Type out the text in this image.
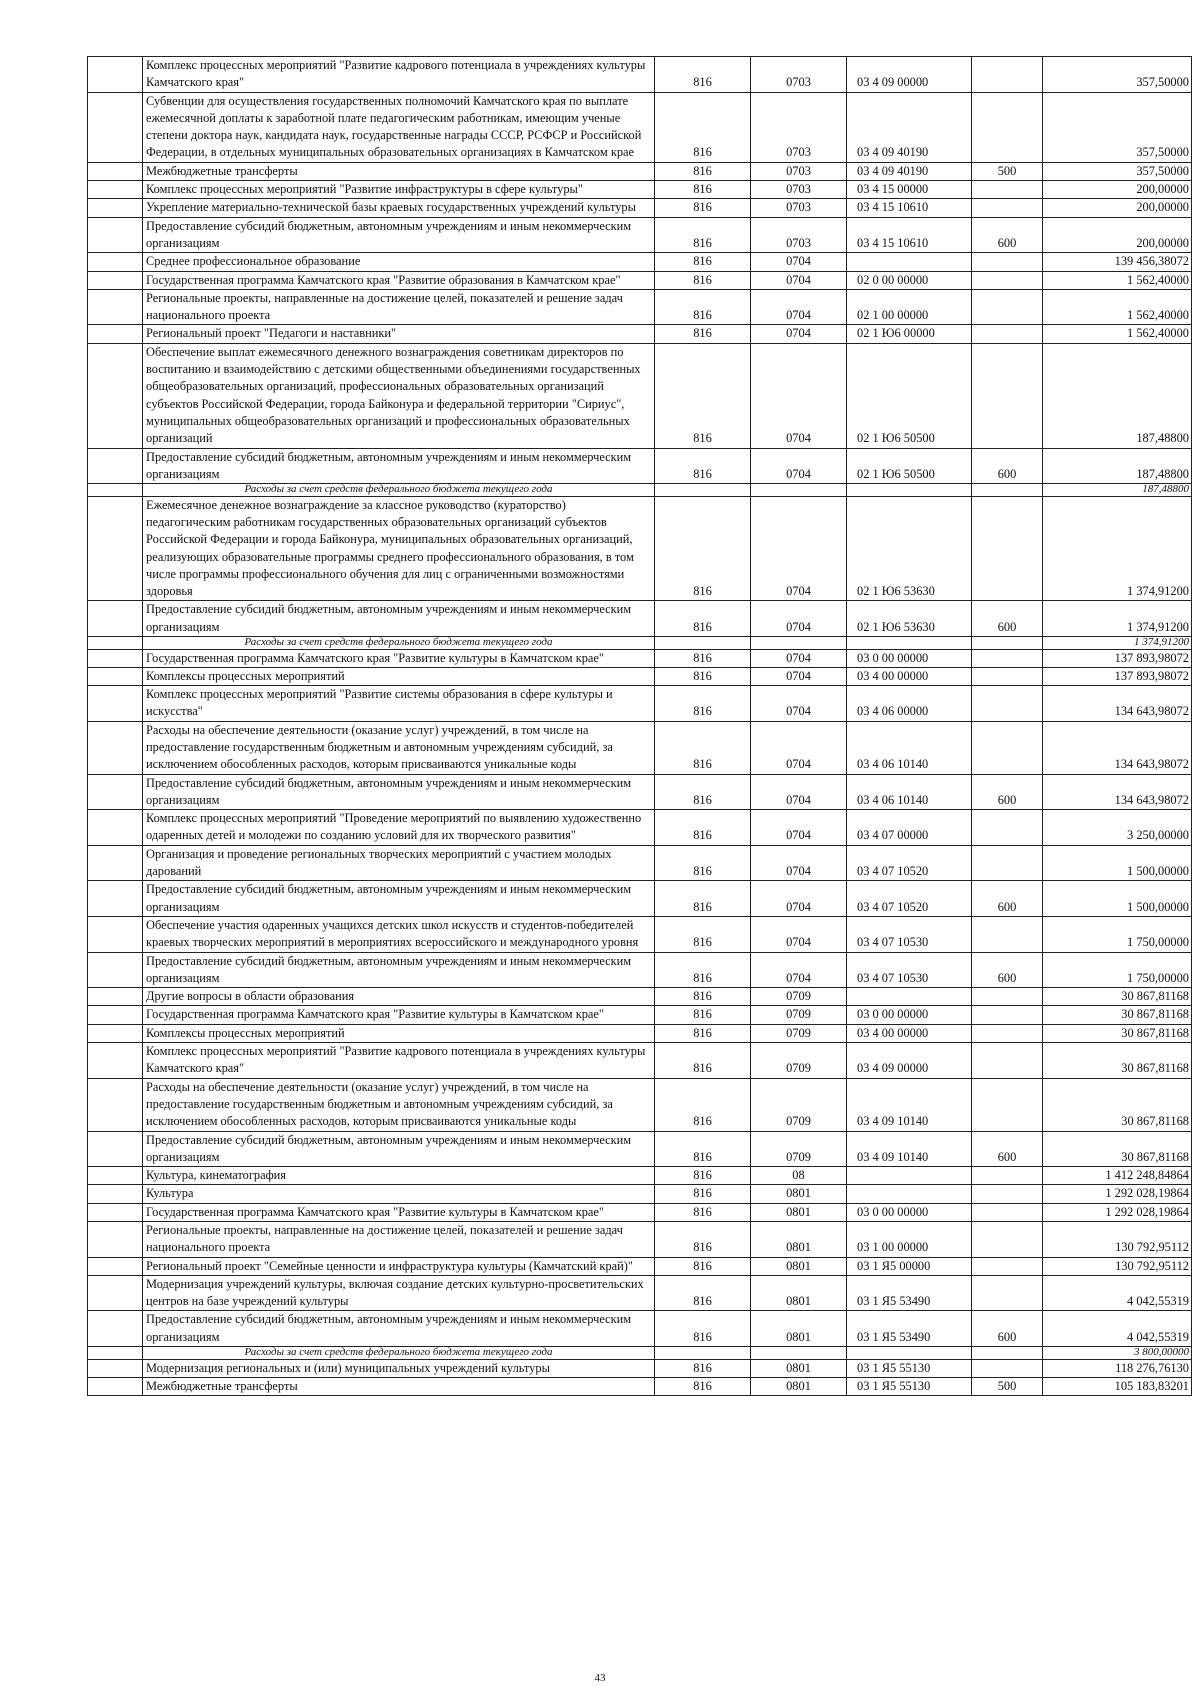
	Комплекс процессных мероприятий "Развитие кадрового потенциала в учреждениях культуры Камчатского края"	816	0703	03 4 09 00000		357,50000
	Субвенции для осуществления государственных полномочий Камчатского края по выплате ежемесячной доплаты к заработной плате педагогическим работникам, имеющим ученые степени доктора наук, кандидата наук, государственные награды СССР, РСФСР и Российской Федерации, в отдельных муниципальных образовательных организациях в Камчатском крае	816	0703	03 4 09 40190		357,50000
	Межбюджетные трансферты	816	0703	03 4 09 40190	500	357,50000
	Комплекс процессных мероприятий "Развитие инфраструктуры в сфере культуры"	816	0703	03 4 15 00000		200,00000
	Укрепление материально-технической базы краевых государственных учреждений культуры	816	0703	03 4 15 10610		200,00000
	Предоставление субсидий бюджетным, автономным учреждениям и иным некоммерческим организациям	816	0703	03 4 15 10610	600	200,00000
	Среднее профессиональное образование	816	0704			139 456,38072
	Государственная программа Камчатского края "Развитие образования в Камчатском крае"	816	0704	02 0 00 00000		1 562,40000
	Региональные проекты, направленные на достижение целей, показателей и решение задач национального проекта	816	0704	02 1 00 00000		1 562,40000
	Региональный проект "Педагоги и наставники"	816	0704	02 1 Ю6 00000		1 562,40000
	Обеспечение выплат ежемесячного денежного вознаграждения советникам директоров по воспитанию и взаимодействию с детскими общественными объединениями государственных общеобразовательных организаций, профессиональных образовательных организаций субъектов Российской Федерации, города Байконура и федеральной территории "Сириус", муниципальных общеобразовательных организаций и профессиональных образовательных организаций	816	0704	02 1 Ю6 50500		187,48800
	Предоставление субсидий бюджетным, автономным учреждениям и иным некоммерческим организациям	816	0704	02 1 Ю6 50500	600	187,48800
	Расходы за счет средств федерального бюджета текущего года					187,48800
	Ежемесячное денежное вознаграждение за классное руководство (кураторство) педагогическим работникам государственных образовательных организаций субъектов Российской Федерации и города Байконура, муниципальных образовательных организаций, реализующих образовательные программы среднего профессионального образования, в том числе программы профессионального обучения для лиц с ограниченными возможностями здоровья	816	0704	02 1 Ю6 53630		1 374,91200
	Предоставление субсидий бюджетным, автономным учреждениям и иным некоммерческим организациям	816	0704	02 1 Ю6 53630	600	1 374,91200
	Расходы за счет средств федерального бюджета текущего года					1 374,91200
	Государственная программа Камчатского края "Развитие культуры в Камчатском крае"	816	0704	03 0 00 00000		137 893,98072
	Комплексы процессных мероприятий	816	0704	03 4 00 00000		137 893,98072
	Комплекс процессных мероприятий "Развитие системы образования в сфере культуры и искусства"	816	0704	03 4 06 00000		134 643,98072
	Расходы на обеспечение деятельности (оказание услуг) учреждений, в том числе на предоставление государственным бюджетным и автономным учреждениям субсидий, за исключением обособленных расходов, которым присваиваются уникальные коды	816	0704	03 4 06 10140		134 643,98072
	Предоставление субсидий бюджетным, автономным учреждениям и иным некоммерческим организациям	816	0704	03 4 06 10140	600	134 643,98072
	Комплекс процессных мероприятий "Проведение мероприятий по выявлению художественно одаренных детей и молодежи по созданию условий для их творческого развития"	816	0704	03 4 07 00000		3 250,00000
	Организация и проведение региональных творческих мероприятий с участием молодых дарований	816	0704	03 4 07 10520		1 500,00000
	Предоставление субсидий бюджетным, автономным учреждениям и иным некоммерческим организациям	816	0704	03 4 07 10520	600	1 500,00000
	Обеспечение участия одаренных учащихся детских школ искусств и студентов-победителей краевых творческих мероприятий в мероприятиях всероссийского и международного уровня	816	0704	03 4 07 10530		1 750,00000
	Предоставление субсидий бюджетным, автономным учреждениям и иным некоммерческим организациям	816	0704	03 4 07 10530	600	1 750,00000
	Другие вопросы в области образования	816	0709			30 867,81168
	Государственная программа Камчатского края "Развитие культуры в Камчатском крае"	816	0709	03 0 00 00000		30 867,81168
	Комплексы процессных мероприятий	816	0709	03 4 00 00000		30 867,81168
	Комплекс процессных мероприятий "Развитие кадрового потенциала в учреждениях культуры Камчатского края"	816	0709	03 4 09 00000		30 867,81168
	Расходы на обеспечение деятельности (оказание услуг) учреждений, в том числе на предоставление государственным бюджетным и автономным учреждениям субсидий, за исключением обособленных расходов, которым присваиваются уникальные коды	816	0709	03 4 09 10140		30 867,81168
	Предоставление субсидий бюджетным, автономным учреждениям и иным некоммерческим организациям	816	0709	03 4 09 10140	600	30 867,81168
	Культура, кинематография	816	08			1 412 248,84864
	Культура	816	0801			1 292 028,19864
	Государственная программа Камчатского края "Развитие культуры в Камчатском крае"	816	0801	03 0 00 00000		1 292 028,19864
	Региональные проекты, направленные на достижение целей, показателей и решение задач национального проекта	816	0801	03 1 00 00000		130 792,95112
	Региональный проект "Семейные ценности и инфраструктура культуры (Камчатский край)"	816	0801	03 1 Я5 00000		130 792,95112
	Модернизация учреждений культуры, включая создание детских культурно-просветительских центров на базе учреждений культуры	816	0801	03 1 Я5 53490		4 042,55319
	Предоставление субсидий бюджетным, автономным учреждениям и иным некоммерческим организациям	816	0801	03 1 Я5 53490	600	4 042,55319
	Расходы за счет средств федерального бюджета текущего года					3 800,00000
	Модернизация региональных и (или) муниципальных учреждений культуры	816	0801	03 1 Я5 55130		118 276,76130
	Межбюджетные трансферты	816	0801	03 1 Я5 55130	500	105 183,83201
43
